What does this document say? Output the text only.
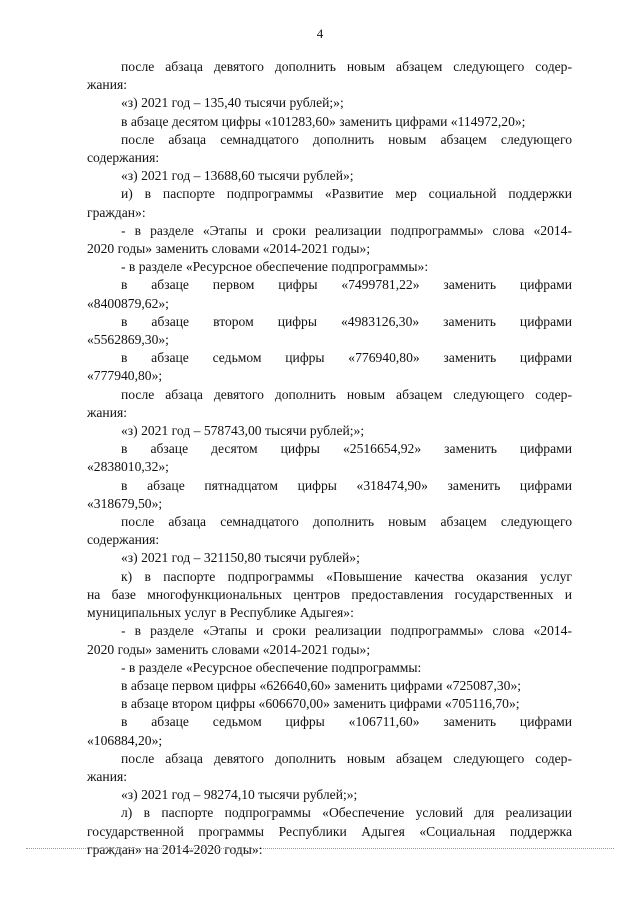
4

после абзаца девятого дополнить новым абзацем следующего содер-

жания:

«з) 2021 год – 135,40 тысячи рублей;»;

в абзаце десятом цифры «101283,60» заменить цифрами «114972,20»;

после абзаца семнадцатого дополнить новым абзацем следующего

содержания:

«з) 2021 год – 13688,60 тысячи рублей»;

и) в паспорте подпрограммы «Развитие мер социальной поддержки

граждан»:

- в разделе «Этапы и сроки реализации подпрограммы» слова «2014-

2020 годы» заменить словами «2014-2021 годы»;

- в разделе «Ресурсное обеспечение подпрограммы»:

в абзаце первом цифры «7499781,22» заменить цифрами

«8400879,62»;

в абзаце втором цифры «4983126,30» заменить цифрами

«5562869,30»;

в абзаце седьмом цифры «776940,80» заменить цифрами

«777940,80»;

после абзаца девятого дополнить новым абзацем следующего содер-

жания:

«з) 2021 год – 578743,00 тысячи рублей;»;

в абзаце десятом цифры «2516654,92» заменить цифрами

«2838010,32»;

в абзаце пятнадцатом цифры «318474,90» заменить цифрами

«318679,50»;

после абзаца семнадцатого дополнить новым абзацем следующего

содержания:

«з) 2021 год – 321150,80 тысячи рублей»;

к) в паспорте подпрограммы «Повышение качества оказания услуг

на базе многофункциональных центров предоставления государственных и

муниципальных услуг в Республике Адыгея»:

- в разделе «Этапы и сроки реализации подпрограммы» слова «2014-

2020 годы» заменить словами «2014-2021 годы»;

- в разделе «Ресурсное обеспечение подпрограммы:

в абзаце первом цифры «626640,60» заменить цифрами «725087,30»;

в абзаце втором цифры «606670,00» заменить цифрами «705116,70»;

в абзаце седьмом цифры «106711,60» заменить цифрами

«106884,20»;

после абзаца девятого дополнить новым абзацем следующего содер-

жания:

«з) 2021 год – 98274,10 тысячи рублей;»;

л) в паспорте подпрограммы «Обеспечение условий для реализации

государственной программы Республики Адыгея «Социальная поддержка

граждан» на 2014-2020 годы»:
